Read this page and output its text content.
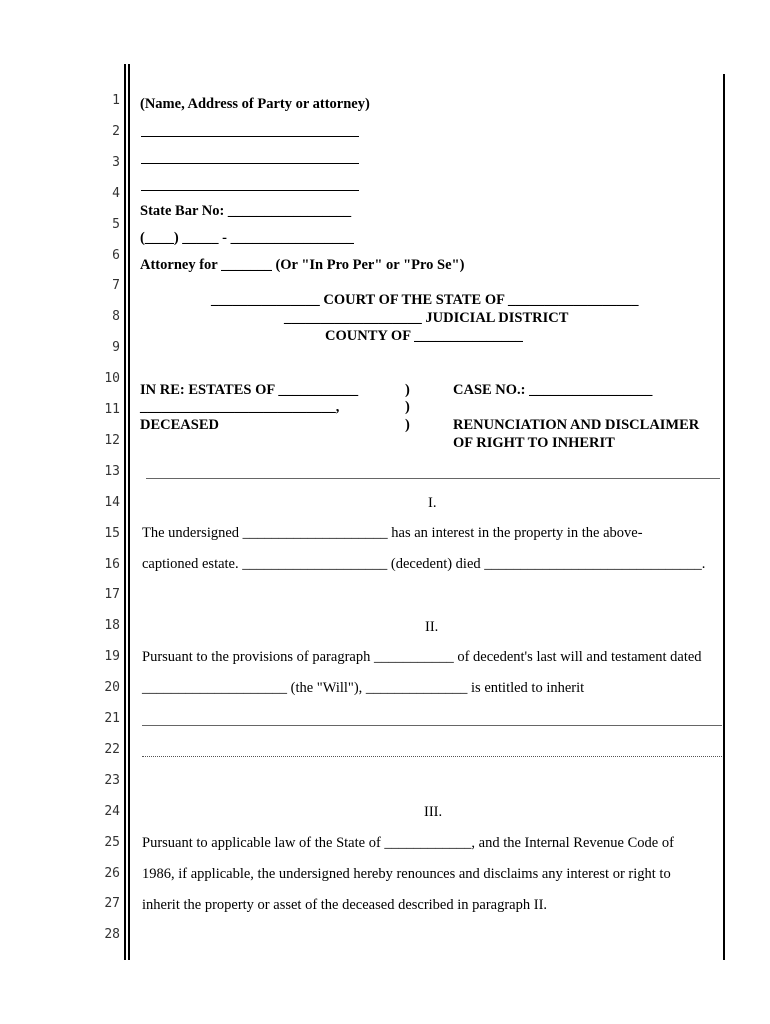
1
2
3
4
5
6
7
8
9
10
11
12
13
14
15
16
17
18
19
20
21
22
23
24
25
26
27
28
(Name, Address of Party or attorney)
State Bar No: _________________
(____) _____ - _________________
Attorney for _______ (Or "In Pro Per" or "Pro Se")
_______________ COURT OF THE STATE OF __________________
___________________ JUDICIAL DISTRICT
COUNTY OF _______________
IN RE: ESTATES OF ___________
___________________________,
DECEASED
)
)
)
CASE NO.: _________________
RENUNCIATION AND DISCLAIMER
OF RIGHT TO INHERIT
I.
The undersigned ____________________ has an interest in the property in the above-
captioned estate. ____________________ (decedent) died ______________________________.
II.
Pursuant to the provisions of paragraph ___________ of decedent's last will and testament dated
____________________ (the "Will"), ______________ is entitled to inherit
III.
Pursuant to applicable law of the State of ____________, and the Internal Revenue Code of
1986, if applicable, the undersigned hereby renounces and disclaims any interest or right to
inherit the property or asset of the deceased described in paragraph II.
